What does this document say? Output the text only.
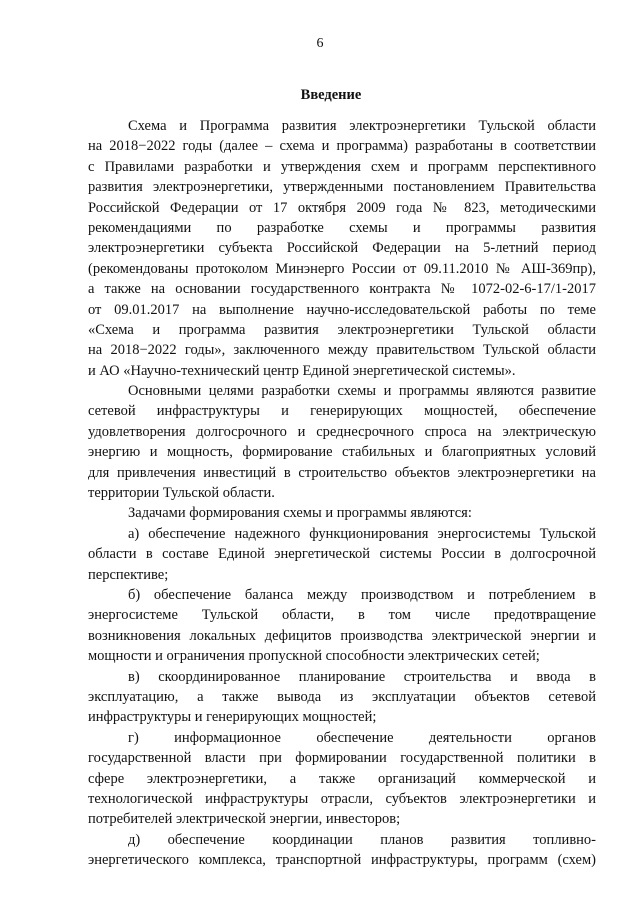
6
Введение
Схема и Программа развития электроэнергетики Тульской области
на 2018−2022 годы (далее – схема и программа) разработаны в соответствии
с Правилами разработки и утверждения схем и программ перспективного
развития электроэнергетики, утвержденными постановлением Правительства
Российской Федерации от 17 октября 2009 года № 823, методическими
рекомендациями по разработке схемы и программы развития
электроэнергетики субъекта Российской Федерации на 5-летний период
(рекомендованы протоколом Минэнерго России от 09.11.2010 № АШ-369пр),
а также на основании государственного контракта № 1072-02-6-17/1-2017
от 09.01.2017 на выполнение научно-исследовательской работы по теме
«Схема и программа развития электроэнергетики Тульской области
на 2018−2022 годы», заключенного между правительством Тульской области
и АО «Научно-технический центр Единой энергетической системы».
Основными целями разработки схемы и программы являются развитие
сетевой инфраструктуры и генерирующих мощностей, обеспечение
удовлетворения долгосрочного и среднесрочного спроса на электрическую
энергию и мощность, формирование стабильных и благоприятных условий
для привлечения инвестиций в строительство объектов электроэнергетики на
территории Тульской области.
Задачами формирования схемы и программы являются:
а) обеспечение надежного функционирования энергосистемы Тульской
области в составе Единой энергетической системы России в долгосрочной
перспективе;
б) обеспечение баланса между производством и потреблением в
энергосистеме Тульской области, в том числе предотвращение
возникновения локальных дефицитов производства электрической энергии и
мощности и ограничения пропускной способности электрических сетей;
в) скоординированное планирование строительства и ввода в
эксплуатацию, а также вывода из эксплуатации объектов сетевой
инфраструктуры и генерирующих мощностей;
г) информационное обеспечение деятельности органов
государственной власти при формировании государственной политики в
сфере электроэнергетики, а также организаций коммерческой и
технологической инфраструктуры отрасли, субъектов электроэнергетики и
потребителей электрической энергии, инвесторов;
д) обеспечение координации планов развития топливно-
энергетического комплекса, транспортной инфраструктуры, программ (схем)
